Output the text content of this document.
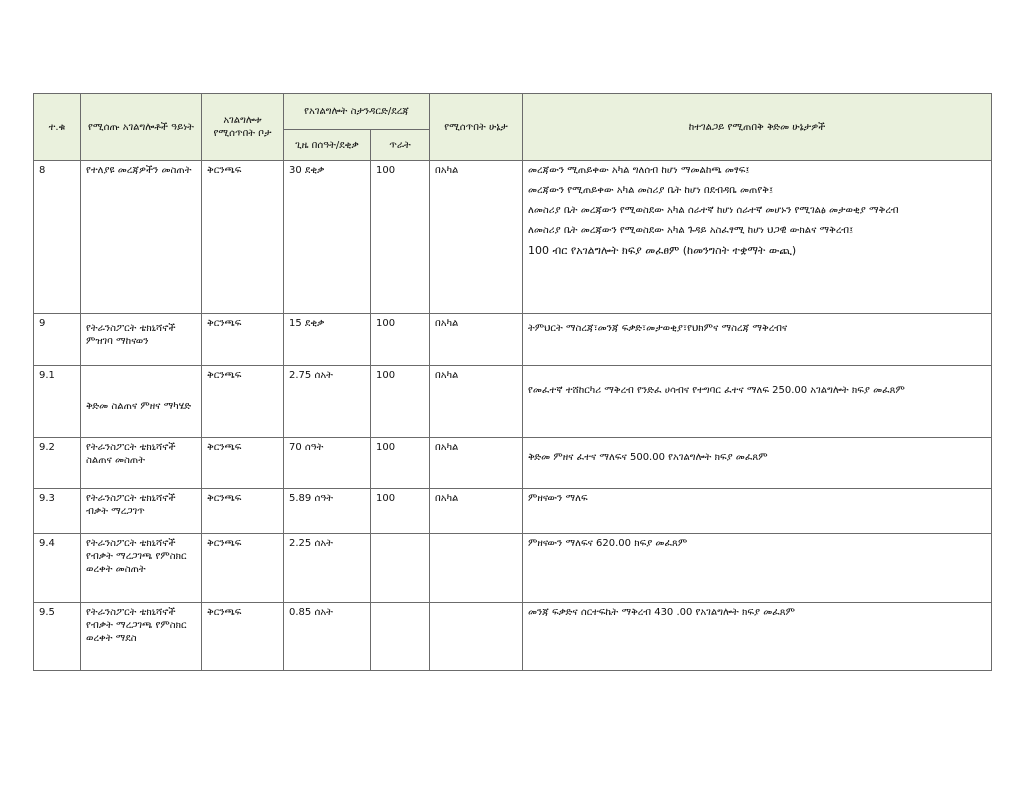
ተ.ቁ	የሚሰጡ አገልግሎቶች ዓይነት	አገልግሎቱ የሚሰጥበት ቦታ	የአገልግሎት ስታንዳርድ/ደረጃ		የሚሰጥበት ሁኔታ	ከተገልጋይ የሚጠበቅ ቅድመ ሁኔታዎች
			ጊዜ በሰዓት/ደቂቃ	ጥራት		
8	የተለያዩ መረጃዎችን መስጠት	ቅርንጫፍ	30 ደቂቃ	100	በአካል	መረጃውን ሚጠይቀው አካል ግለሰብ ከሆነ ማመልከጫ መፃፍ፤

መረጃውን የሚጠይቀው አካል መስሪያ ቤት ከሆነ በደብዳቤ መጠየቅ፤

ለመስሪያ ቤት መረጃውን የሚወስደው አካል ሰራተኛ ከሆነ ሰራተኛ መሆኑን የሚገልፅ መታወቂያ ማቅረብ

ለመስሪያ ቤት መረጃውን የሚወስደው አካል ጉዳይ አስፈፃሚ ከሆነ ህጋዊ ውክልና ማቅረብ፤

100 ብር የአገልግሎት ክፍያ መፈፀም (ከመንግስት ተቋማት ውጪ)

9	የትራንስፖርት ቴክኒሻኖች ምዝገባ ማከናወን	ቅርንጫፍ	15 ደቂቃ	100	በአካል	ትምህርት ማስረጃ፣መንጃ ፍቃድ፣መታወቂያ፣የህክምና ማስረጃ ማቅረብና

9.1	ቅድመ ስልጠና ምዘና ማካሄድ	ቅርንጫፍ	2.75 ሰአት	100	በአካል	የመፈተኛ ተሸከርካሪ ማቅረብ የንድፈ ሀሳብና የተግባር ፈተና ማለፍ 250.00 አገልግሎት ክፍያ መፈጸም

9.2	የትራንስፖርት ቴክኒሻኖች ስልጠና መስጠት	ቅርንጫፍ	70 ሰዓት	100	በአካል	ቅድመ ምዘና ፈተና ማለፍና 500.00 የአገልግሎት ክፍያ መፈጸም

9.3	የትራንስፖርት ቴክኒሻኖች ብቃት ማረጋገጥ	ቅርንጫፍ	5.89 ሰዓት	100	በአካል	ምዘናውን ማለፍ

9.4	የትራንስፖርት ቴክኒሻኖች የብቃት ማረጋገጫ የምስክር ወረቀት መስጠት	ቅርንጫፍ	2.25 ሰአት			ምዘናውን ማለፍና 620.00 ክፍያ መፈጸም

9.5	የትራንስፖርት ቴክኒሻኖች የብቃት ማረጋገጫ የምስክር ወረቀት ማደስ	ቅርንጫፍ	0.85 ሰአት			መንጃ ፍቃድና ሰርተፍኬት ማቅረብ 430 .00 የአገልግሎት ክፍያ መፈጸም
